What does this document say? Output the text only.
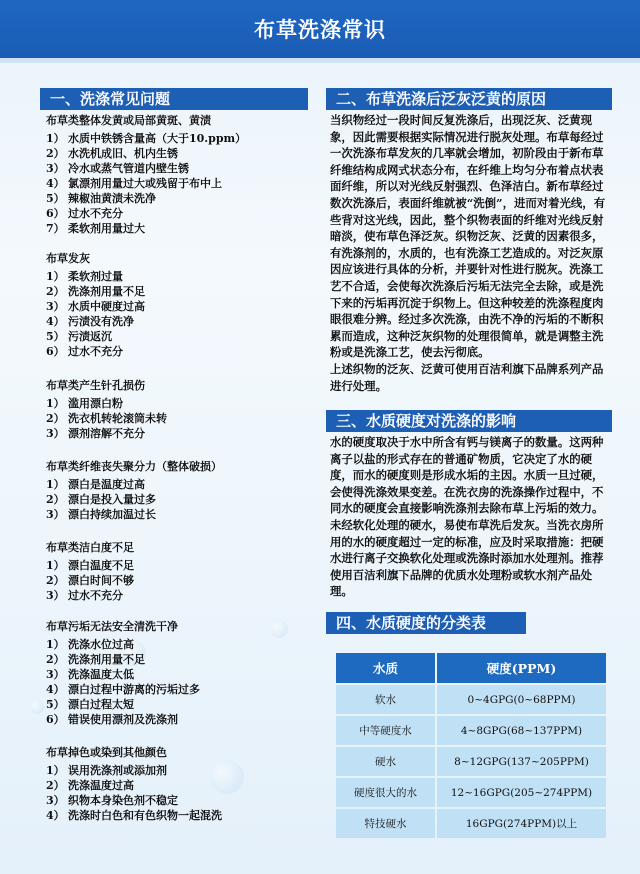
布草洗涤常识
一、洗涤常见问题
布草类整体发黄或局部黄斑、黄渍
1） 水质中铁锈含量高（大于10.ppm）
2） 水洗机成旧、机内生锈
3） 冷水或蒸气管道内壁生锈
4） 氯漂剂用量过大或残留于布中上
5） 辣椒油黄渍未洗净
6） 过水不充分
7） 柔软剂用量过大
布草发灰
1） 柔软剂过量
2） 洗涤剂用量不足
3） 水质中硬度过高
4） 污渍没有洗净
5） 污渍返沉
6） 过水不充分
布草类产生针孔损伤
1） 滥用漂白粉
2） 洗衣机转轮滚筒未转
3） 漂剂溶解不充分
布草类纤维丧失聚分力（整体破损）
1） 漂白是温度过高
2） 漂白是投入量过多
3） 漂白持续加温过长
布草类洁白度不足
1） 漂白温度不足
2） 漂白时间不够
3） 过水不充分
布草污垢无法安全清洗干净
1） 洗涤水位过高
2） 洗涤剂用量不足
3） 洗涤温度太低
4） 漂白过程中游离的污垢过多
5） 漂白过程太短
6） 错误使用漂剂及洗涤剂
布草掉色或染到其他颜色
1） 误用洗涤剂或添加剂
2） 洗涤温度过高
3） 织物本身染色剂不稳定
4） 洗涤时白色和有色织物一起混洗
二、布草洗涤后泛灰泛黄的原因

当织物经过一段时间反复洗涤后，出现泛灰、泛黄现象，因此需要根据实际情况进行脱灰处理。布草每经过一次洗涤布草发灰的几率就会增加，初阶段由于新布草纤维结构成网式状态分布，在纤维上均匀分布着点状表面纤维，所以对光线反射强烈、色泽洁白。新布草经过数次洗涤后，表面纤维就被“洗倒”，进而对着光线，有些背对这光线，因此，整个织物表面的纤维对光线反射暗淡，使布草色泽泛灰。织物泛灰、泛黄的因素很多，有洗涤剂的，水质的，也有洗涤工艺造成的。对泛灰原因应该进行具体的分析，并要针对性进行脱灰。洗涤工艺不合适，会使每次洗涤后污垢无法完全去除，或是洗下来的污垢再沉淀于织物上。但这种较差的洗涤程度肉眼很难分辨。经过多次洗涤，由洗不净的污垢的不断积累而造成，这种泛灰织物的处理很简单，就是调整主洗粉或是洗涤工艺，使去污彻底。

上述织物的泛灰、泛黄可使用百洁利旗下品牌系列产品进行处理。

三、水质硬度对洗涤的影响

水的硬度取决于水中所含有钙与镁离子的数量。这两种离子以盐的形式存在的普通矿物质，它决定了水的硬度，而水的硬度则是形成水垢的主因。水质一旦过硬，会使得洗涤效果变差。在洗衣房的洗涤操作过程中，不同水的硬度会直接影响洗涤剂去除布草上污垢的效力。未经软化处理的硬水，易使布草洗后发灰。当洗衣房所用的水的硬度超过一定的标准，应及时采取措施：把硬水进行离子交换软化处理或洗涤时添加水处理剂。推荐使用百洁利旗下品牌的优质水处理粉或软水剂产品处理。

四、水质硬度的分类表
水质	硬度(PPM)
软水	0~4GPG(0~68PPM)
中等硬度水	4~8GPG(68~137PPM)
硬水	8~12GPG(137~205PPM)
硬度很大的水	12~16GPG(205~274PPM)
特技硬水	16GPG(274PPM)以上
